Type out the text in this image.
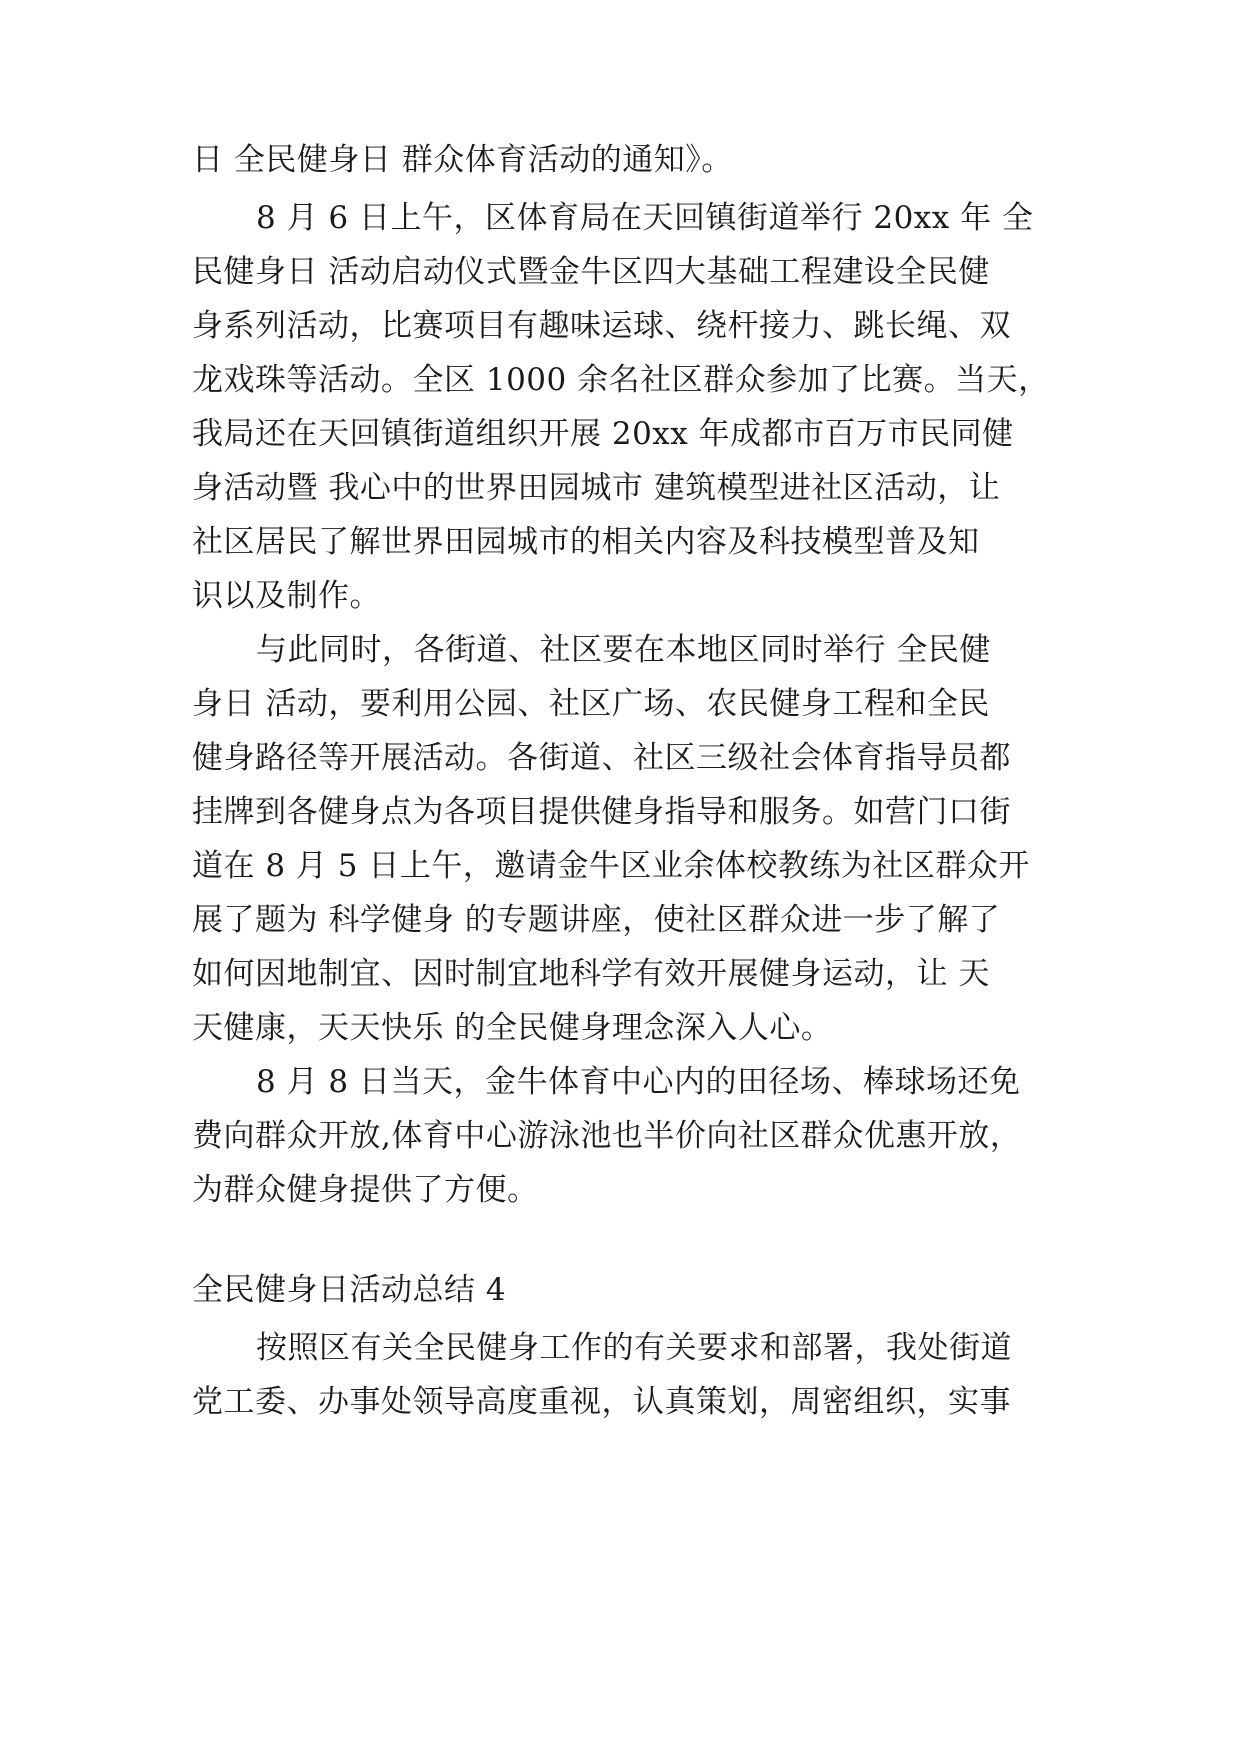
日 全民健身日 群众体育活动的通知》。
8 月 6 日上午，区体育局在天回镇街道举行 20xx 年 全
民健身日 活动启动仪式暨金牛区四大基础工程建设全民健
身系列活动，比赛项目有趣味运球、绕杆接力、跳长绳、双
龙戏珠等活动。全区 1000 余名社区群众参加了比赛。当天，
我局还在天回镇街道组织开展 20xx 年成都市百万市民同健
身活动暨 我心中的世界田园城市 建筑模型进社区活动，让
社区居民了解世界田园城市的相关内容及科技模型普及知
识以及制作。
与此同时，各街道、社区要在本地区同时举行 全民健
身日 活动，要利用公园、社区广场、农民健身工程和全民
健身路径等开展活动。各街道、社区三级社会体育指导员都
挂牌到各健身点为各项目提供健身指导和服务。如营门口街
道在 8 月 5 日上午，邀请金牛区业余体校教练为社区群众开
展了题为 科学健身 的专题讲座，使社区群众进一步了解了
如何因地制宜、因时制宜地科学有效开展健身运动，让 天
天健康，天天快乐 的全民健身理念深入人心。
8 月 8 日当天，金牛体育中心内的田径场、棒球场还免
费向群众开放,体育中心游泳池也半价向社区群众优惠开放，
为群众健身提供了方便。
全民健身日活动总结 4
按照区有关全民健身工作的有关要求和部署，我处街道
党工委、办事处领导高度重视，认真策划，周密组织，实事
